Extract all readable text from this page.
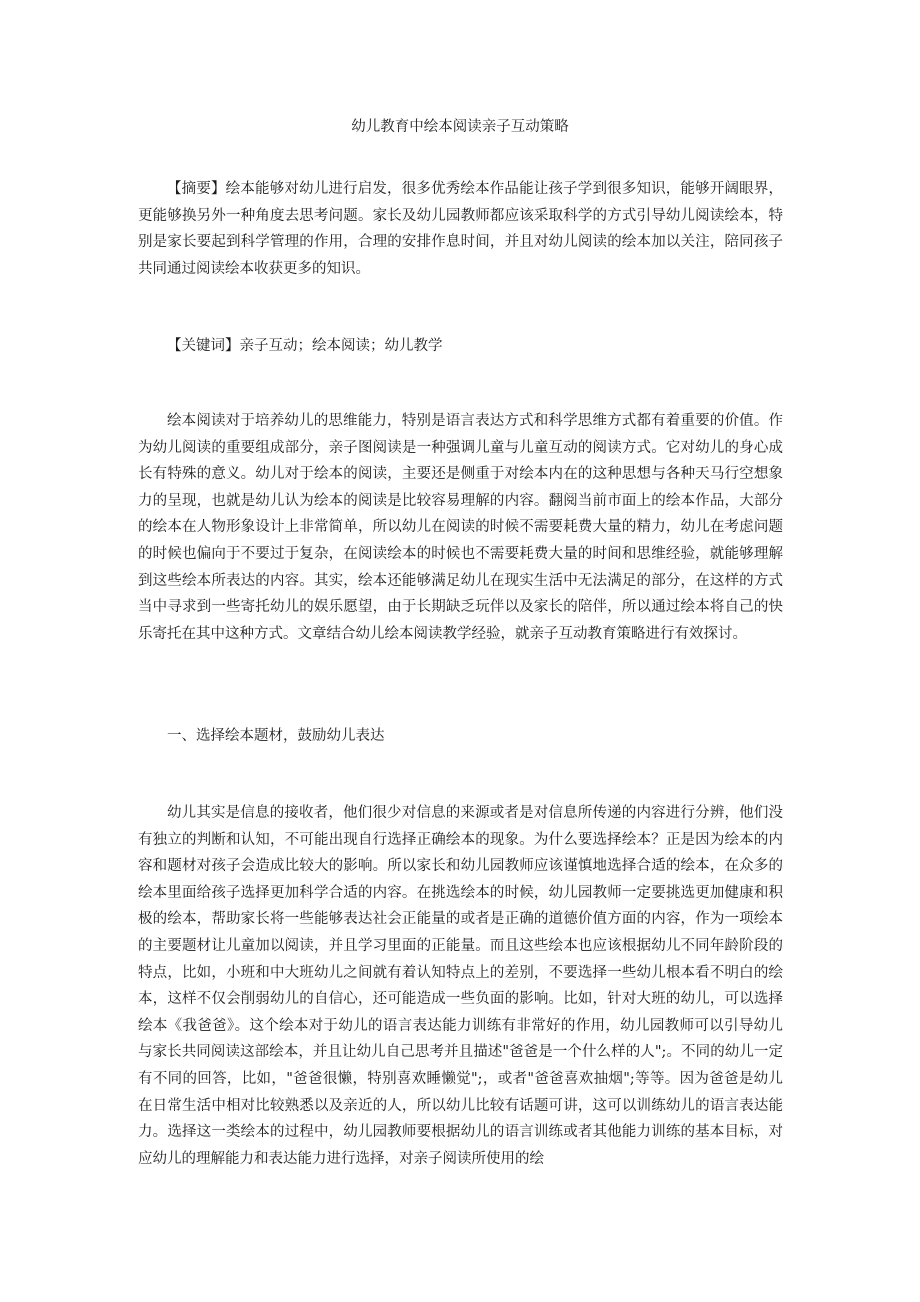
幼儿教育中绘本阅读亲子互动策略

【摘要】绘本能够对幼儿进行启发，很多优秀绘本作品能让孩子学到很多知识，能够开阔眼界，更能够换另外一种角度去思考问题。家长及幼儿园教师都应该采取科学的方式引导幼儿阅读绘本，特别是家长要起到科学管理的作用，合理的安排作息时间，并且对幼儿阅读的绘本加以关注，陪同孩子共同通过阅读绘本收获更多的知识。

【关键词】亲子互动；绘本阅读；幼儿教学

绘本阅读对于培养幼儿的思维能力，特别是语言表达方式和科学思维方式都有着重要的价值。作为幼儿阅读的重要组成部分，亲子图阅读是一种强调儿童与儿童互动的阅读方式。它对幼儿的身心成长有特殊的意义。幼儿对于绘本的阅读，主要还是侧重于对绘本内在的这种思想与各种天马行空想象力的呈现，也就是幼儿认为绘本的阅读是比较容易理解的内容。翻阅当前市面上的绘本作品，大部分的绘本在人物形象设计上非常简单，所以幼儿在阅读的时候不需要耗费大量的精力，幼儿在考虑问题的时候也偏向于不要过于复杂，在阅读绘本的时候也不需要耗费大量的时间和思维经验，就能够理解到这些绘本所表达的内容。其实，绘本还能够满足幼儿在现实生活中无法满足的部分，在这样的方式当中寻求到一些寄托幼儿的娱乐愿望，由于长期缺乏玩伴以及家长的陪伴，所以通过绘本将自己的快乐寄托在其中这种方式。文章结合幼儿绘本阅读教学经验，就亲子互动教育策略进行有效探讨。

一、选择绘本题材，鼓励幼儿表达

幼儿其实是信息的接收者，他们很少对信息的来源或者是对信息所传递的内容进行分辨，他们没有独立的判断和认知，不可能出现自行选择正确绘本的现象。为什么要选择绘本？正是因为绘本的内容和题材对孩子会造成比较大的影响。所以家长和幼儿园教师应该谨慎地选择合适的绘本，在众多的绘本里面给孩子选择更加科学合适的内容。在挑选绘本的时候，幼儿园教师一定要挑选更加健康和积极的绘本，帮助家长将一些能够表达社会正能量的或者是正确的道德价值方面的内容，作为一项绘本的主要题材让儿童加以阅读，并且学习里面的正能量。而且这些绘本也应该根据幼儿不同年龄阶段的特点，比如，小班和中大班幼儿之间就有着认知特点上的差别，不要选择一些幼儿根本看不明白的绘本，这样不仅会削弱幼儿的自信心，还可能造成一些负面的影响。比如，针对大班的幼儿，可以选择绘本《我爸爸》。这个绘本对于幼儿的语言表达能力训练有非常好的作用，幼儿园教师可以引导幼儿与家长共同阅读这部绘本，并且让幼儿自己思考并且描述"爸爸是一个什么样的人";。不同的幼儿一定有不同的回答，比如，"爸爸很懒，特别喜欢睡懒觉";，或者"爸爸喜欢抽烟";等等。因为爸爸是幼儿在日常生活中相对比较熟悉以及亲近的人，所以幼儿比较有话题可讲，这可以训练幼儿的语言表达能力。选择这一类绘本的过程中，幼儿园教师要根据幼儿的语言训练或者其他能力训练的基本目标，对应幼儿的理解能力和表达能力进行选择，对亲子阅读所使用的绘
